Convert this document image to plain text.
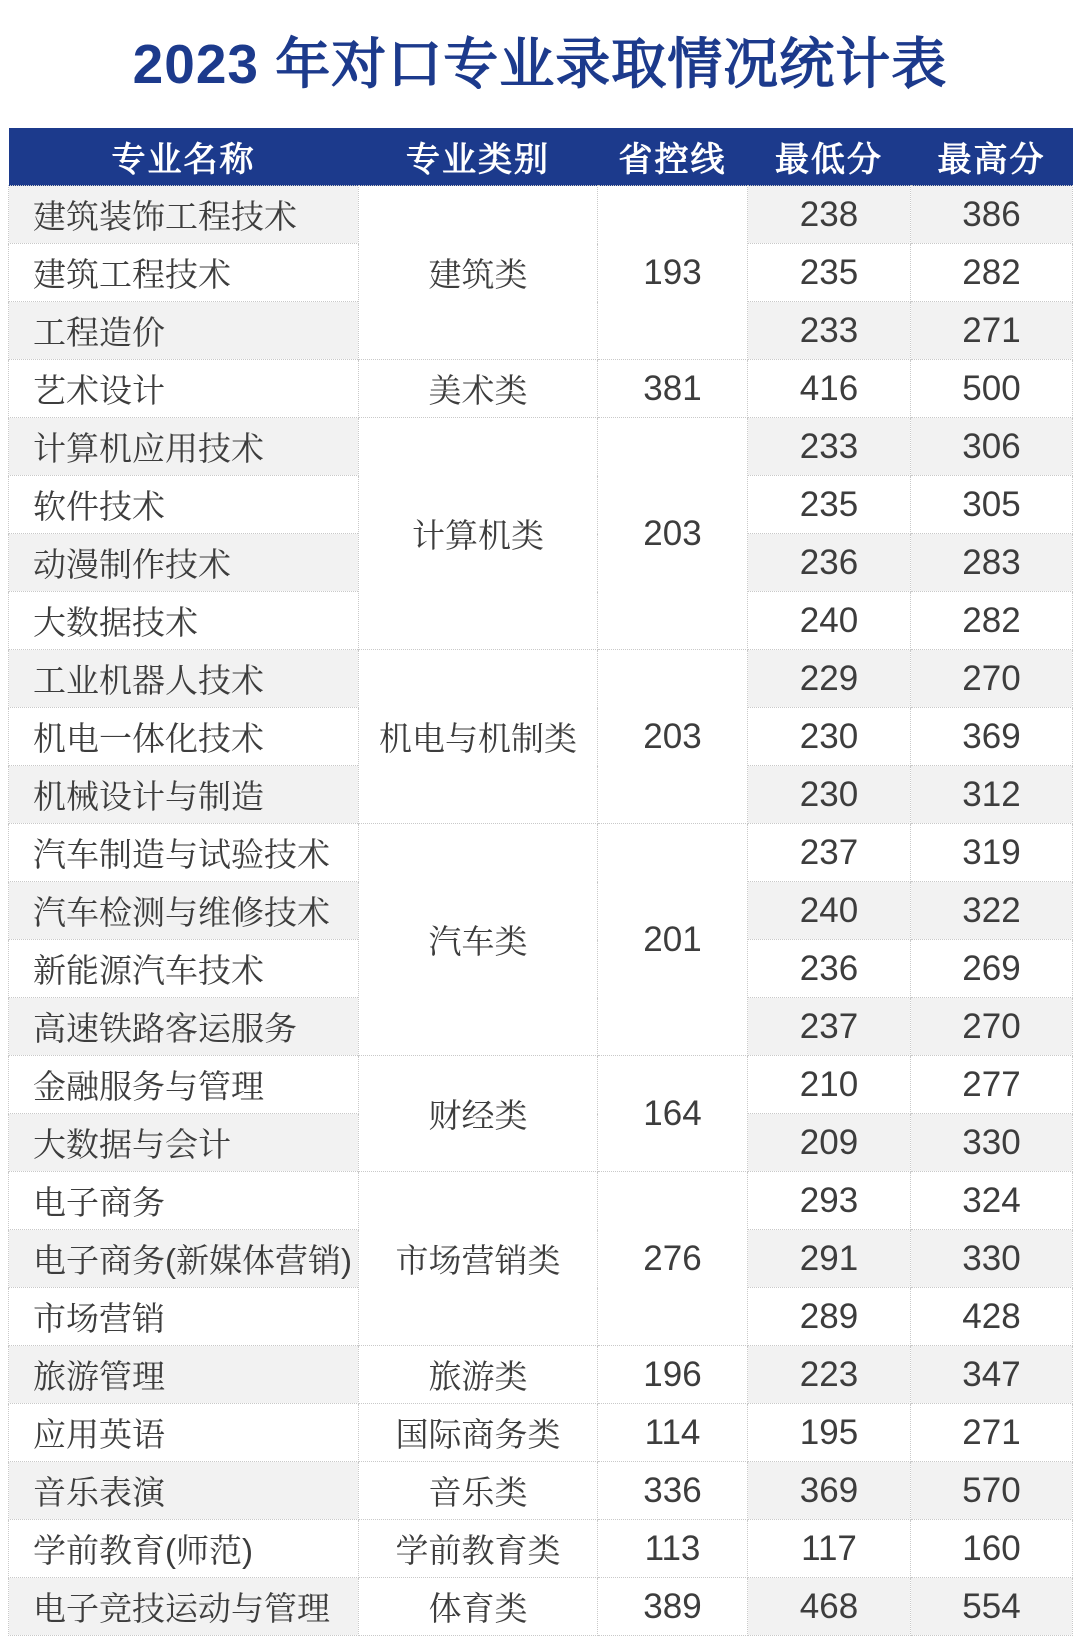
2023 年对口专业录取情况统计表
专业名称	专业类别	省控线	最低分	最高分
建筑装饰工程技术	建筑类	193	238	386
建筑工程技术			235	282
工程造价			233	271
艺术设计	美术类	381	416	500
计算机应用技术	计算机类	203	233	306
软件技术			235	305
动漫制作技术			236	283
大数据技术			240	282
工业机器人技术	机电与机制类	203	229	270
机电一体化技术			230	369
机械设计与制造			230	312
汽车制造与试验技术	汽车类	201	237	319
汽车检测与维修技术			240	322
新能源汽车技术			236	269
高速铁路客运服务			237	270
金融服务与管理	财经类	164	210	277
大数据与会计			209	330
电子商务	市场营销类	276	293	324
电子商务(新媒体营销)			291	330
市场营销			289	428
旅游管理	旅游类	196	223	347
应用英语	国际商务类	114	195	271
音乐表演	音乐类	336	369	570
学前教育(师范)	学前教育类	113	117	160
电子竞技运动与管理	体育类	389	468	554
